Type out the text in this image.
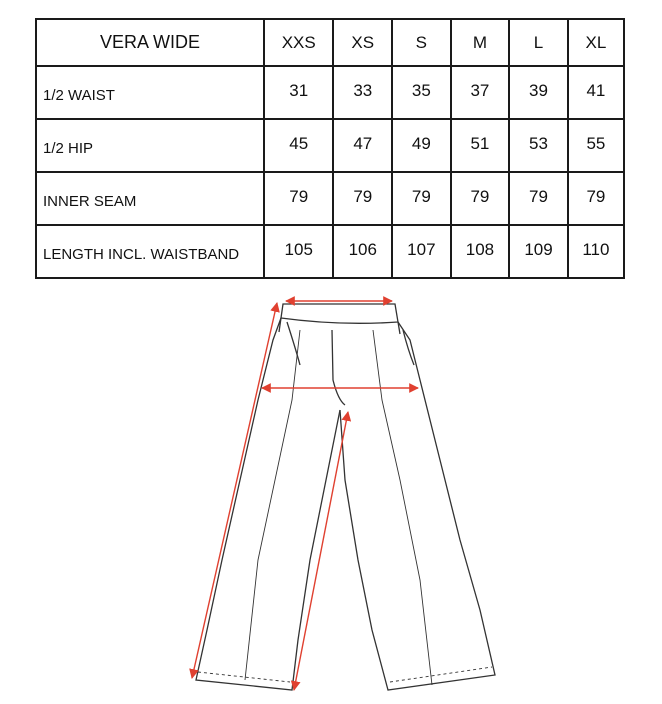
VERA WIDE	XXS	XS	S	M	L	XL
1/2 WAIST	31	33	35	37	39	41
1/2 HIP	45	47	49	51	53	55
INNER SEAM	79	79	79	79	79	79
LENGTH INCL. WAISTBAND	105	106	107	108	109	110
